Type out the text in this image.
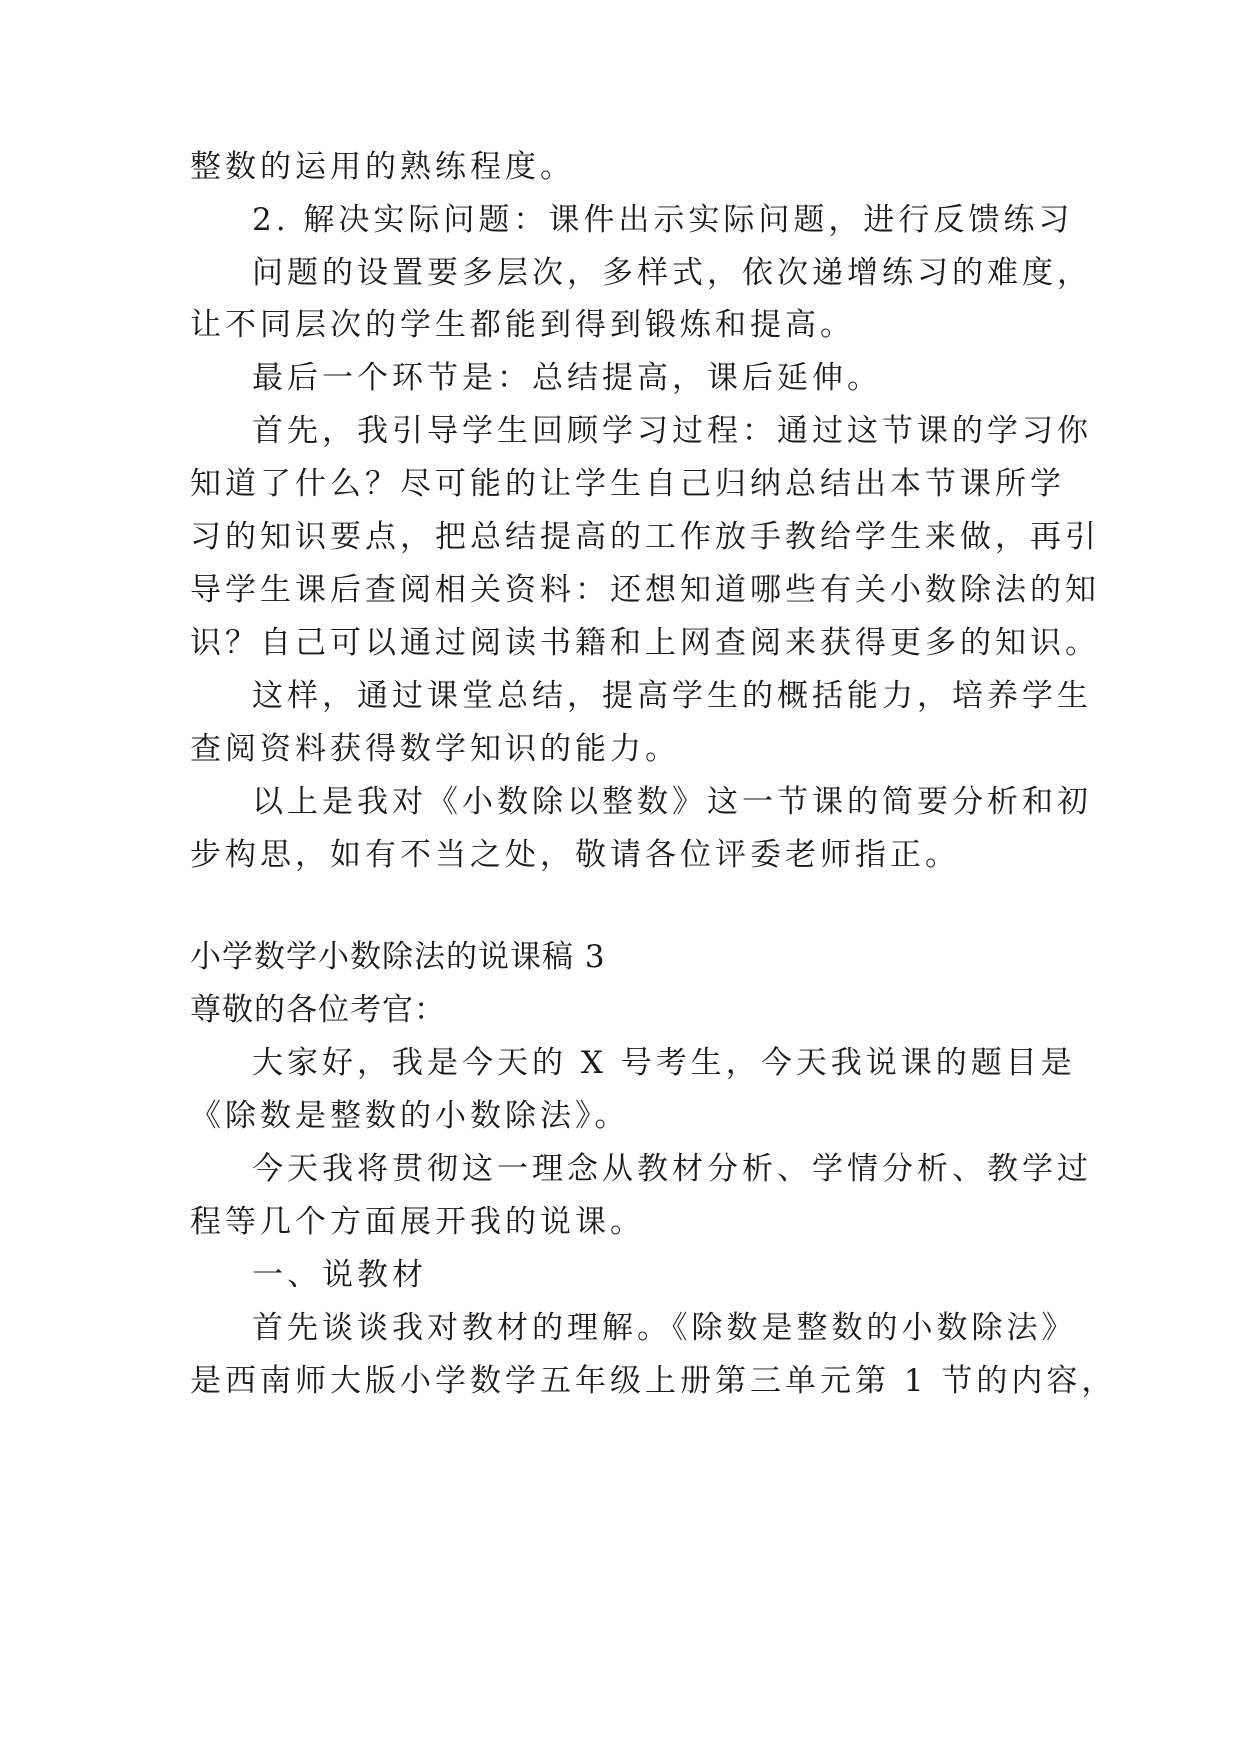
整数的运用的熟练程度。
2. 解决实际问题：课件出示实际问题，进行反馈练习
问题的设置要多层次，多样式，依次递增练习的难度，
让不同层次的学生都能到得到锻炼和提高。
最后一个环节是：总结提高，课后延伸。
首先，我引导学生回顾学习过程：通过这节课的学习你
知道了什么？尽可能的让学生自己归纳总结出本节课所学
习的知识要点，把总结提高的工作放手教给学生来做，再引
导学生课后查阅相关资料：还想知道哪些有关小数除法的知
识？自己可以通过阅读书籍和上网查阅来获得更多的知识。
这样，通过课堂总结，提高学生的概括能力，培养学生
查阅资料获得数学知识的能力。
以上是我对《小数除以整数》这一节课的简要分析和初
步构思，如有不当之处，敬请各位评委老师指正。
小学数学小数除法的说课稿 3
尊敬的各位考官：
大家好，我是今天的 X 号考生，今天我说课的题目是
《除数是整数的小数除法》。
今天我将贯彻这一理念从教材分析、学情分析、教学过
程等几个方面展开我的说课。
一、说教材
首先谈谈我对教材的理解。《除数是整数的小数除法》
是西南师大版小学数学五年级上册第三单元第 1 节的内容，
